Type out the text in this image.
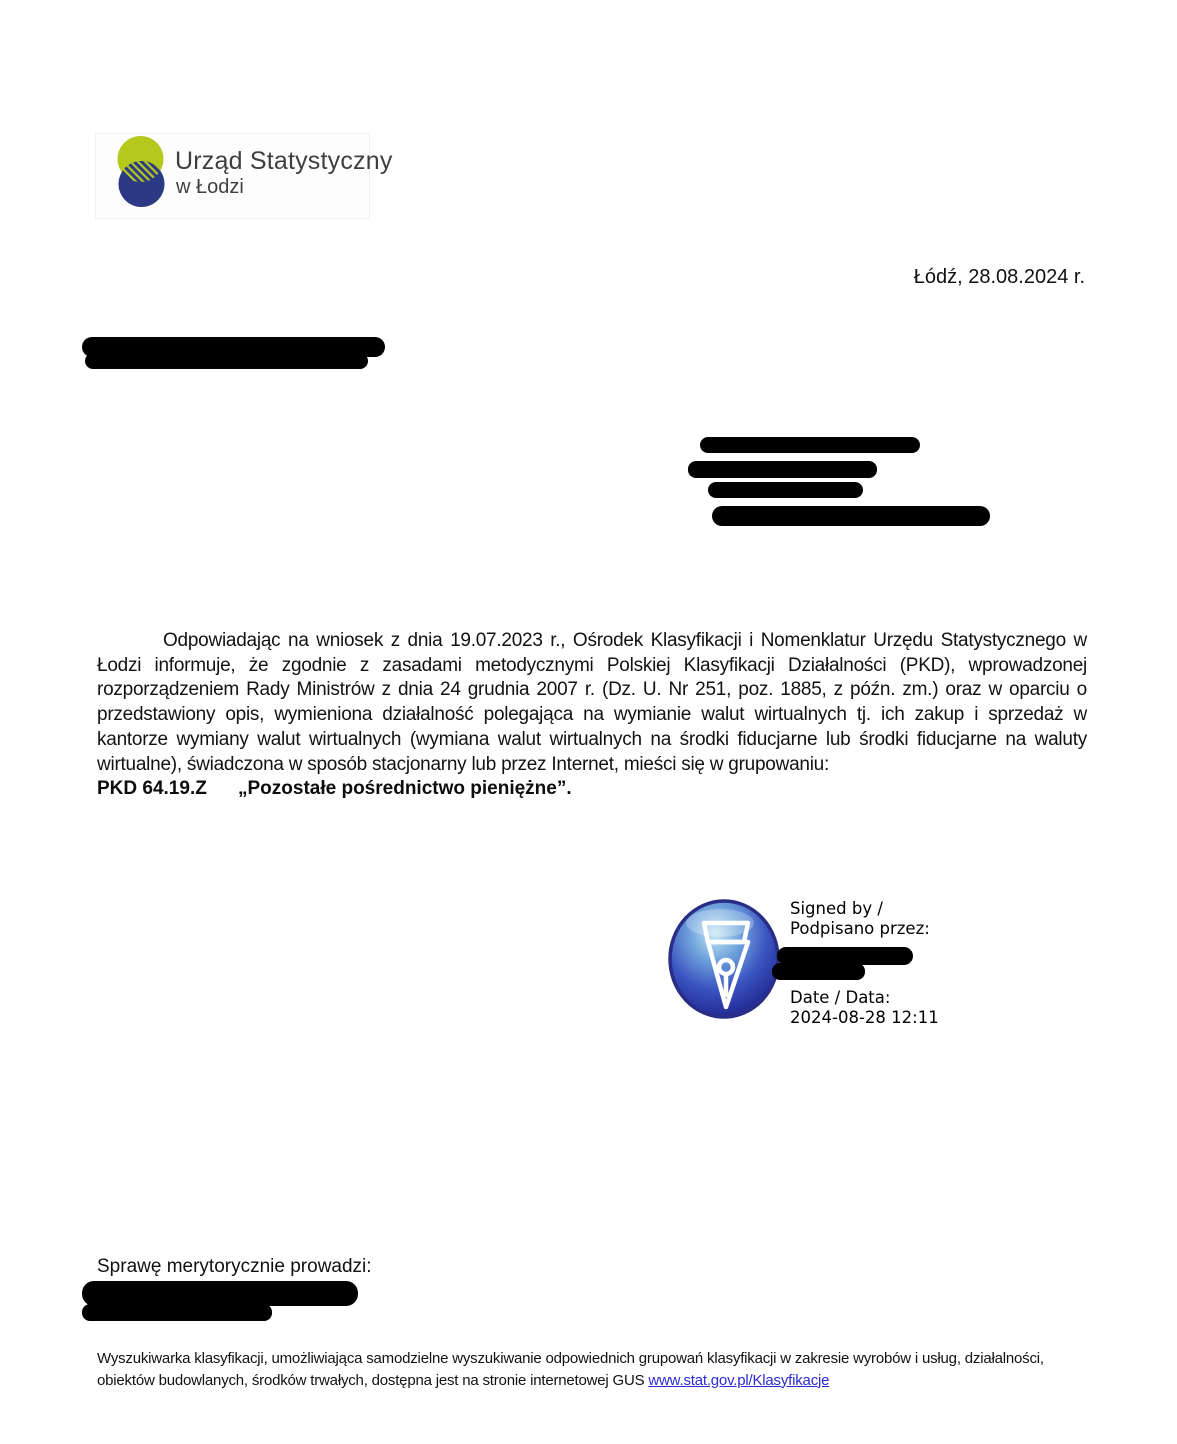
Urząd Statystyczny
w Łodzi
Łódź, 28.08.2024 r.

Odpowiadając na wniosek z dnia 19.07.2023 r., Ośrodek Klasyfikacji i Nomenklatur Urzędu Statystycznego w Łodzi informuje, że zgodnie z zasadami metodycznymi Polskiej Klasyfikacji Działalności (PKD), wprowadzonej rozporządzeniem Rady Ministrów z dnia 24 grudnia 2007 r. (Dz. U. Nr 251, poz. 1885, z późn. zm.) oraz w oparciu o przedstawiony opis, wymieniona działalność polegająca na wymianie walut wirtualnych tj. ich zakup i sprzedaż w kantorze wymiany walut wirtualnych (wymiana walut wirtualnych na środki fiducjarne lub środki fiducjarne na waluty wirtualne), świadczona w sposób stacjonarny lub przez Internet, mieści się w grupowaniu:

PKD 64.19.Z „Pozostałe pośrednictwo pieniężne”.

Signed by /
Podpisano przez:
Date / Data:
2024-08-28 12:11
Sprawę merytorycznie prowadzi:
Wyszukiwarka klasyfikacji, umożliwiająca samodzielne wyszukiwanie odpowiednich grupowań klasyfikacji w zakresie wyrobów i usług, działalności, obiektów budowlanych, środków trwałych, dostępna jest na stronie internetowej GUS www.stat.gov.pl/Klasyfikacje
